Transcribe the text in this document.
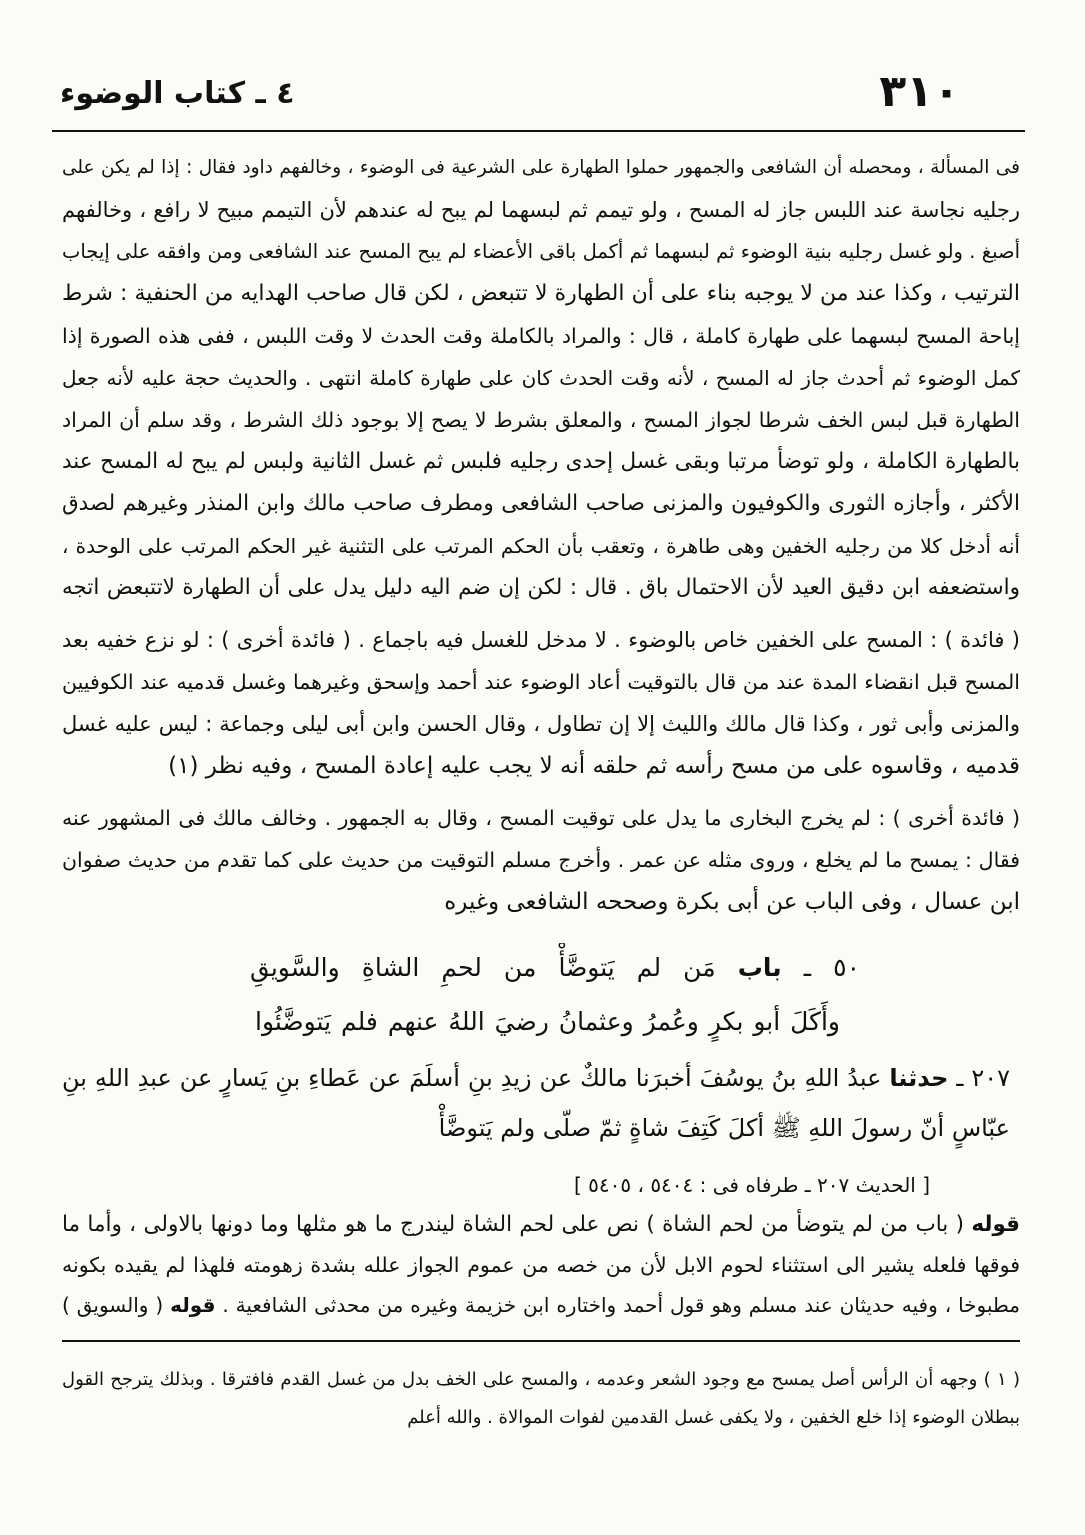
٣١٠
٤ ـ كتاب الوضوء
فى المسألة ، ومحصله أن الشافعى والجمهور حملوا الطهارة على الشرعية فى الوضوء ، وخالفهم داود فقال : إذا لم يكن على
رجليه نجاسة عند اللبس جاز له المسح ، ولو تيمم ثم لبسهما لم يبح له عندهم لأن التيمم مبيح لا رافع ، وخالفهم
أصبغ . ولو غسل رجليه بنية الوضوء ثم لبسهما ثم أكمل باقى الأعضاء لم يبح المسح عند الشافعى ومن وافقه على إيجاب
الترتيب ، وكذا عند من لا يوجبه بناء على أن الطهارة لا تتبعض ، لكن قال صاحب الهدايه من الحنفية : شرط
إباحة المسح لبسهما على طهارة كاملة ، قال : والمراد بالكاملة وقت الحدث لا وقت اللبس ، ففى هذه الصورة إذا
كمل الوضوء ثم أحدث جاز له المسح ، لأنه وقت الحدث كان على طهارة كاملة انتهى . والحديث حجة عليه لأنه جعل
الطهارة قبل لبس الخف شرطا لجواز المسح ، والمعلق بشرط لا يصح إلا بوجود ذلك الشرط ، وقد سلم أن المراد
بالطهارة الكاملة ، ولو توضأ مرتبا وبقى غسل إحدى رجليه فلبس ثم غسل الثانية ولبس لم يبح له المسح عند
الأكثر ، وأجازه الثورى والكوفيون والمزنى صاحب الشافعى ومطرف صاحب مالك وابن المنذر وغيرهم لصدق
أنه أدخل كلا من رجليه الخفين وهى طاهرة ، وتعقب بأن الحكم المرتب على التثنية غير الحكم المرتب على الوحدة ،
واستضعفه ابن دقيق العيد لأن الاحتمال باق . قال : لكن إن ضم اليه دليل يدل على أن الطهارة لاتتبعض اتجه
( فائدة ) : المسح على الخفين خاص بالوضوء . لا مدخل للغسل فيه باجماع . ( فائدة أخرى ) : لو نزع خفيه بعد
المسح قبل انقضاء المدة عند من قال بالتوقيت أعاد الوضوء عند أحمد وإسحق وغيرهما وغسل قدميه عند الكوفيين
والمزنى وأبى ثور ، وكذا قال مالك والليث إلا إن تطاول ، وقال الحسن وابن أبى ليلى وجماعة : ليس عليه غسل
قدميه ، وقاسوه على من مسح رأسه ثم حلقه أنه لا يجب عليه إعادة المسح ، وفيه نظر (١)
( فائدة أخرى ) : لم يخرج البخارى ما يدل على توقيت المسح ، وقال به الجمهور . وخالف مالك فى المشهور عنه
فقال : يمسح ما لم يخلع ، وروى مثله عن عمر . وأخرج مسلم التوقيت من حديث على كما تقدم من حديث صفوان
ابن عسال ، وفى الباب عن أبى بكرة وصححه الشافعى وغيره
٥٠ ـ باب مَن لم يَتوضَّأْ من لحمِ الشاةِ والسَّويقِ
وأَكَلَ أبو بكرٍ وعُمرُ وعثمانُ رضيَ اللهُ عنهم فلم يَتوضَّئُوا
٢٠٧ ـ حدثنا عبدُ اللهِ بنُ يوسُفَ أخبرَنا مالكٌ عن زيدِ بنِ أسلَمَ عن عَطاءِ بنِ يَسارٍ عن عبدِ اللهِ بنِ
عبّاسٍ أنّ رسولَ اللهِ ﷺ أكلَ كَتِفَ شاةٍ ثمّ صلّى ولم يَتوضَّأْ
[ الحديث ٢٠٧ ـ طرفاه فى : ٥٤٠٤ ، ٥٤٠٥ ]
قوله ( باب من لم يتوضأ من لحم الشاة ) نص على لحم الشاة ليندرج ما هو مثلها وما دونها بالاولى ، وأما ما
فوقها فلعله يشير الى استثناء لحوم الابل لأن من خصه من عموم الجواز علله بشدة زهومته فلهذا لم يقيده بكونه
مطبوخا ، وفيه حديثان عند مسلم وهو قول أحمد واختاره ابن خزيمة وغيره من محدثى الشافعية . قوله ( والسويق )
( ١ ) وجهه أن الرأس أصل يمسح مع وجود الشعر وعدمه ، والمسح على الخف بدل من غسل القدم فافترقا . وبذلك يترجح القول
ببطلان الوضوء إذا خلع الخفين ، ولا يكفى غسل القدمين لفوات الموالاة . والله أعلم
